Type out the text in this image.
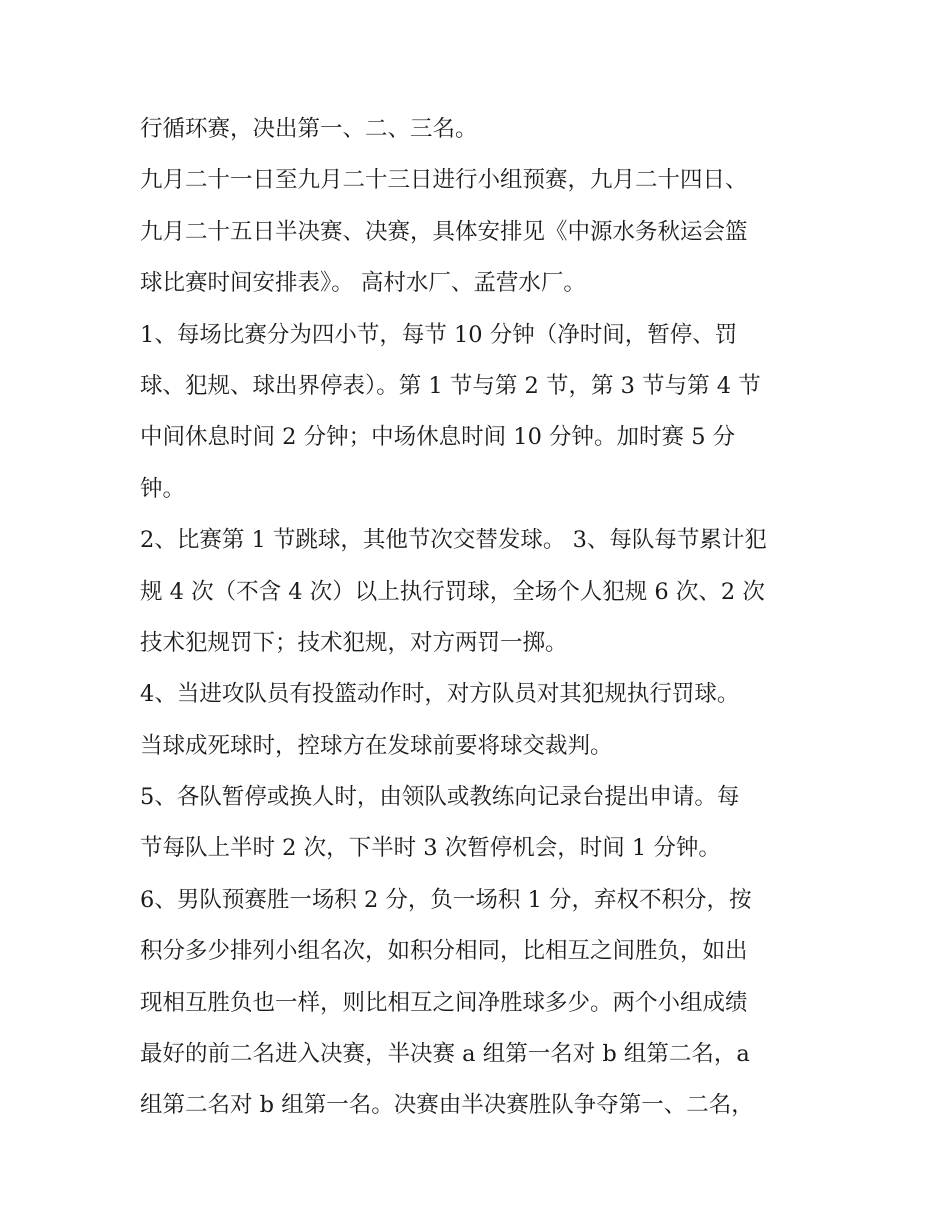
行循环赛，决出第一、二、三名。
九月二十一日至九月二十三日进行小组预赛，九月二十四日、
九月二十五日半决赛、决赛，具体安排见《中源水务秋运会篮
球比赛时间安排表》。 高村水厂、孟营水厂。
1、每场比赛分为四小节，每节 10 分钟（净时间，暂停、罚
球、犯规、球出界停表）。第 1 节与第 2 节，第 3 节与第 4 节
中间休息时间 2 分钟；中场休息时间 10 分钟。加时赛 5 分
钟。
2、比赛第 1 节跳球，其他节次交替发球。 3、每队每节累计犯
规 4 次（不含 4 次）以上执行罚球，全场个人犯规 6 次、2 次
技术犯规罚下；技术犯规，对方两罚一掷。
4、当进攻队员有投篮动作时，对方队员对其犯规执行罚球。
当球成死球时，控球方在发球前要将球交裁判。
5、各队暂停或换人时，由领队或教练向记录台提出申请。每
节每队上半时 2 次，下半时 3 次暂停机会，时间 1 分钟。
6、男队预赛胜一场积 2 分，负一场积 1 分，弃权不积分，按
积分多少排列小组名次，如积分相同，比相互之间胜负，如出
现相互胜负也一样，则比相互之间净胜球多少。两个小组成绩
最好的前二名进入决赛，半决赛 a 组第一名对 b 组第二名，a
组第二名对 b 组第一名。决赛由半决赛胜队争夺第一、二名，
